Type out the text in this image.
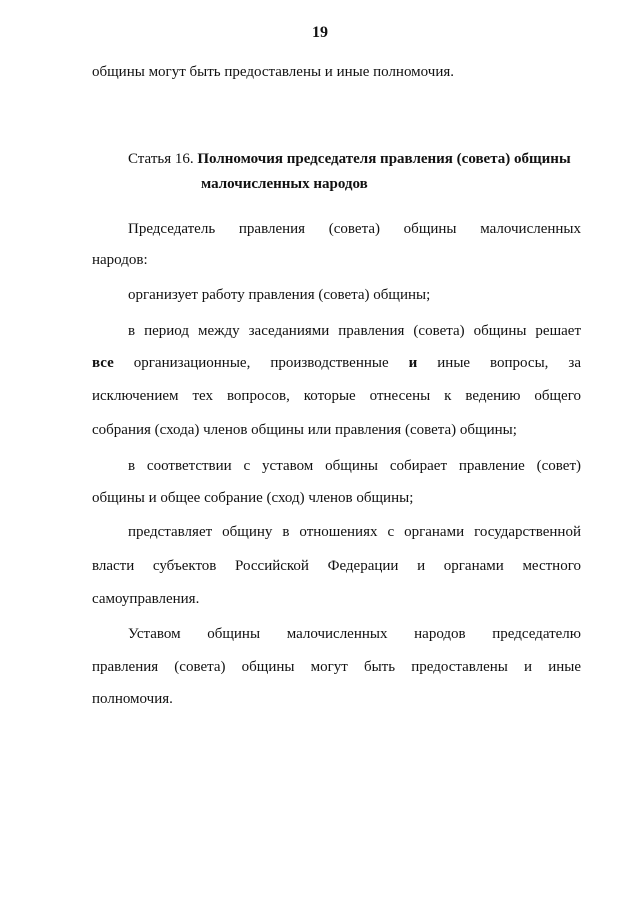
19
общины могут быть предоставлены и иные полномочия.
Статья 16. Полномочия председателя правления (совета) общины
малочисленных народов
Председатель правления (совета) общины малочисленных
народов:
организует работу правления (совета) общины;
в период между заседаниями правления (совета) общины решает
все организационные, производственные и иные вопросы, за
исключением тех вопросов, которые отнесены к ведению общего
собрания (схода) членов общины или правления (совета) общины;
в соответствии с уставом общины собирает правление (совет)
общины и общее собрание (сход) членов общины;
представляет общину в отношениях с органами государственной
власти субъектов Российской Федерации и органами местного
самоуправления.
Уставом общины малочисленных народов председателю
правления (совета) общины могут быть предоставлены и иные
полномочия.
